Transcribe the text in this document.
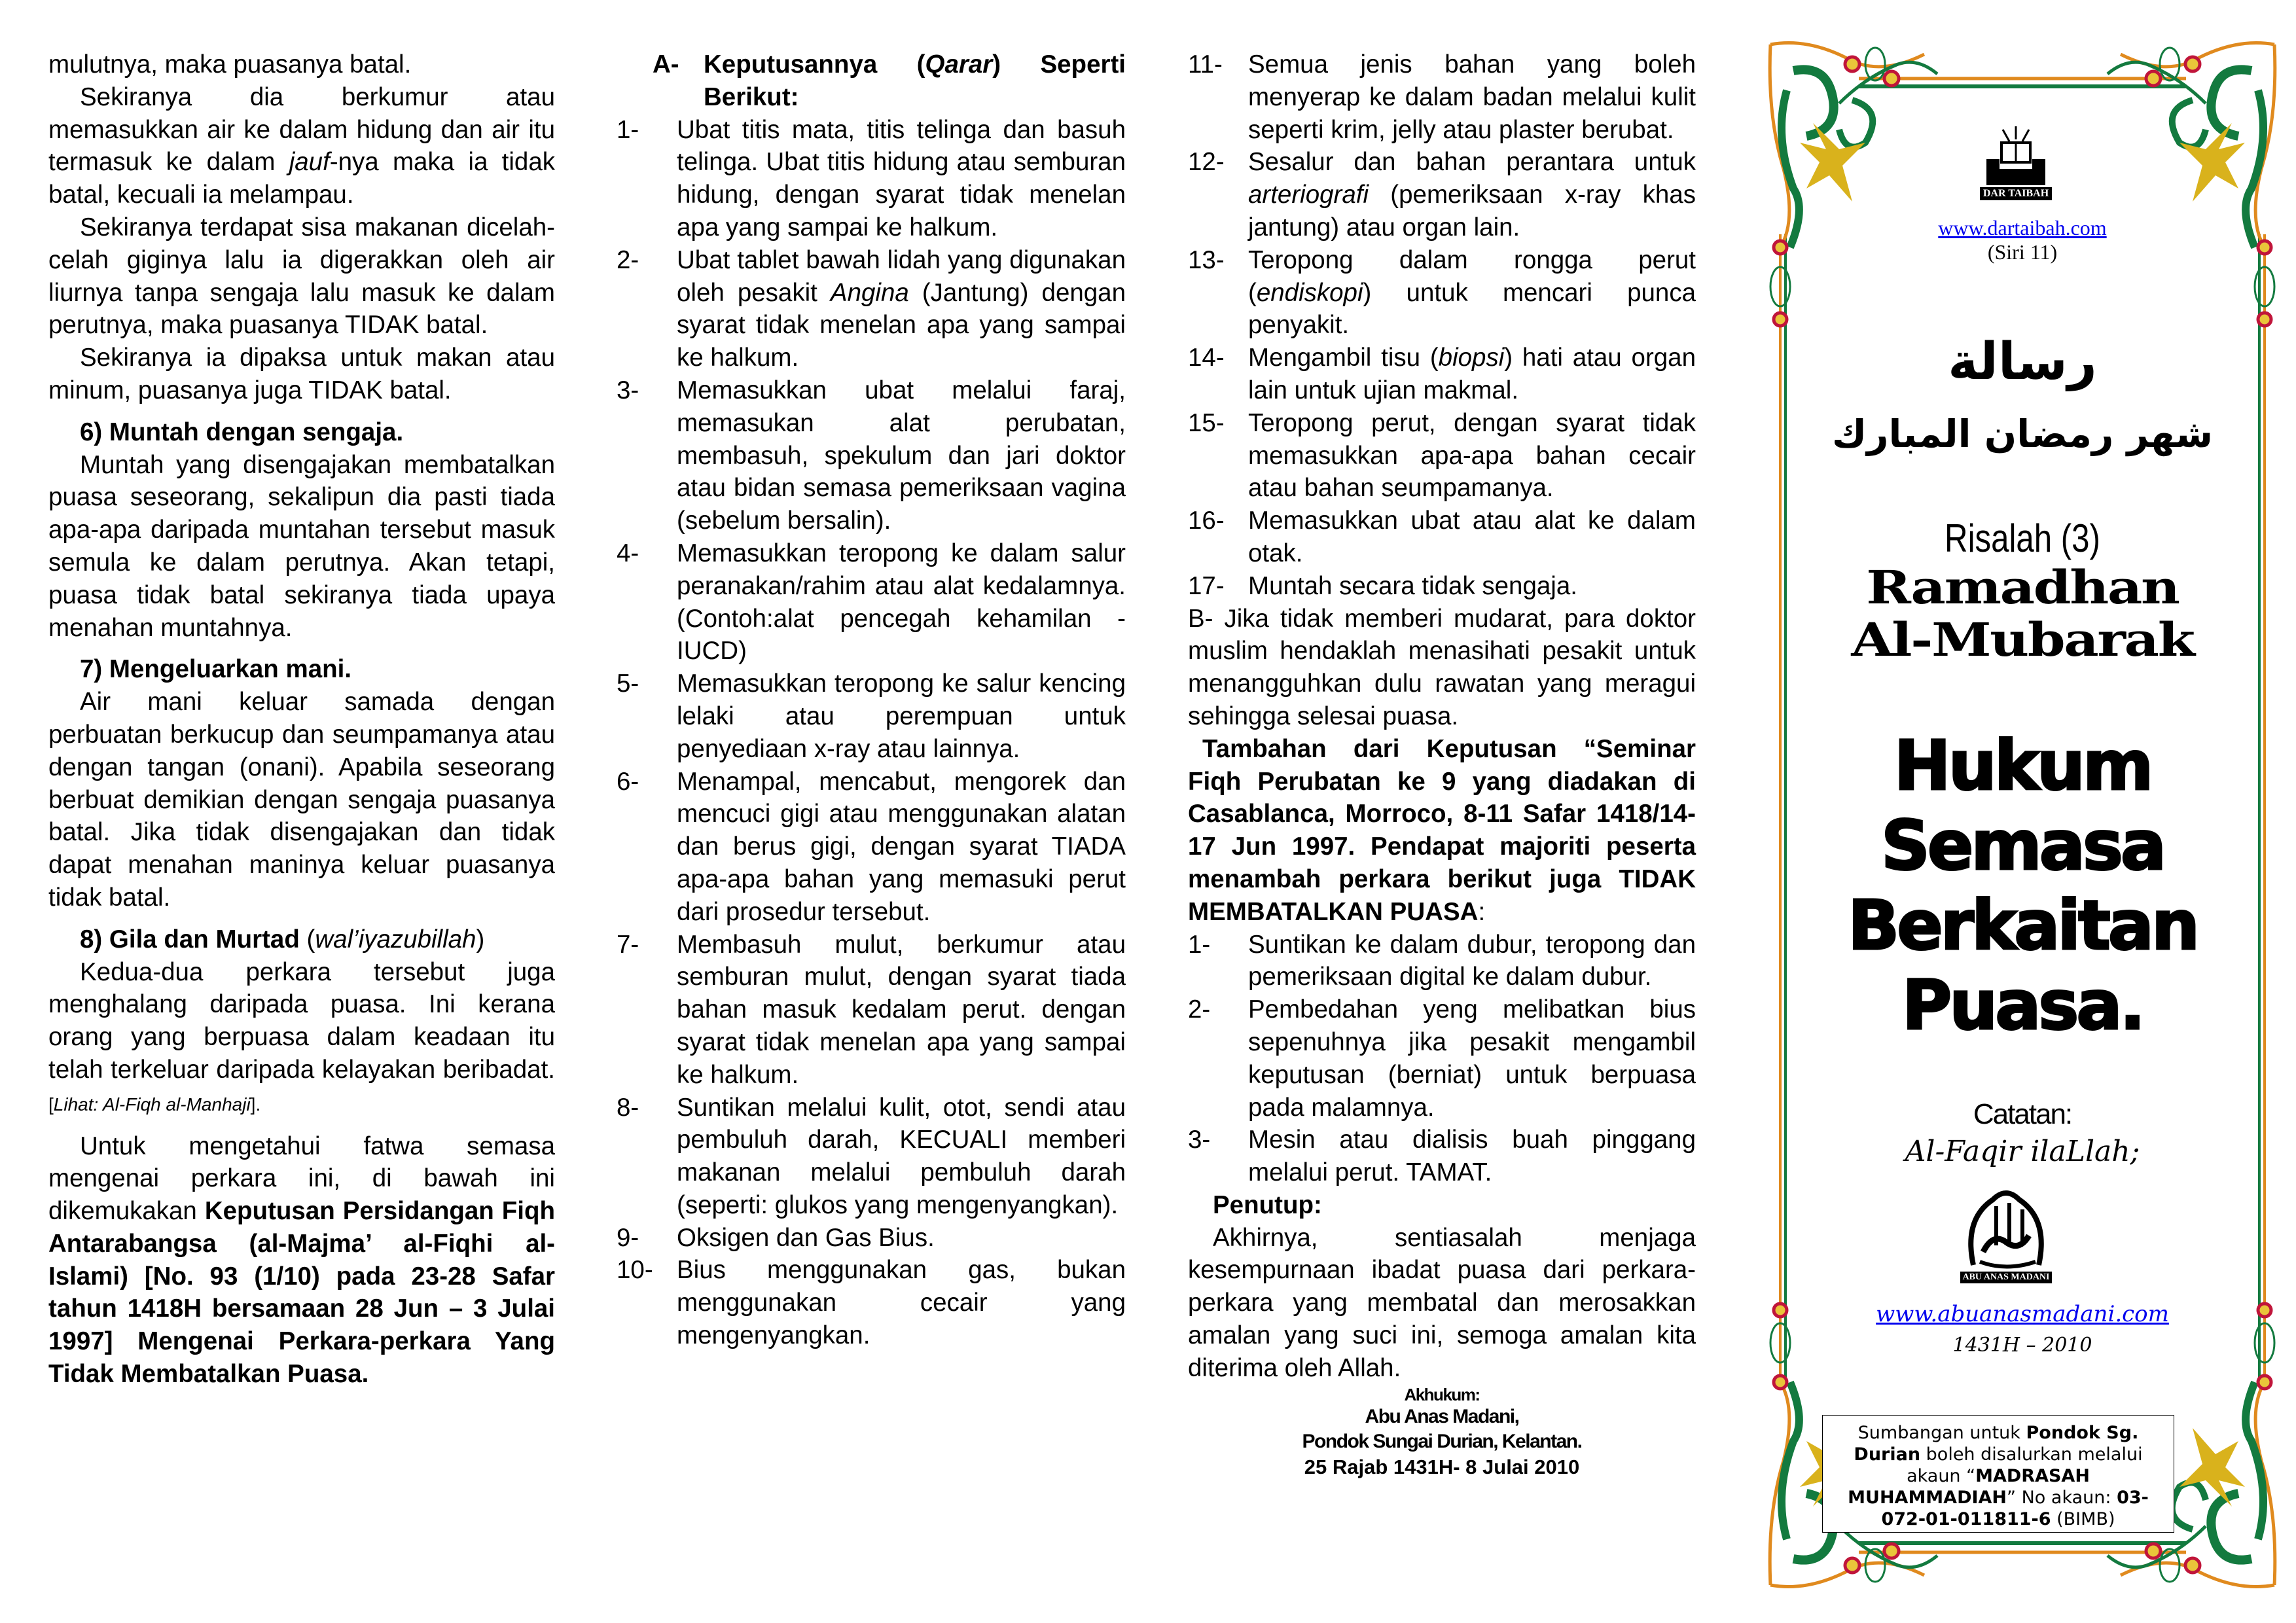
mulutnya, maka puasanya batal.

Sekiranya dia berkumur atau memasukkan air ke dalam hidung dan air itu termasuk ke dalam jauf-nya maka ia tidak batal, kecuali ia melampau.

Sekiranya terdapat sisa makanan dicelah-celah giginya lalu ia digerakkan oleh air liurnya tanpa sengaja lalu masuk ke dalam perutnya, maka puasanya TIDAK batal.

Sekiranya ia dipaksa untuk makan atau minum, puasanya juga TIDAK batal.

6) Muntah dengan sengaja.

Muntah yang disengajakan membatalkan puasa seseorang, sekalipun dia pasti tiada apa-apa daripada muntahan tersebut masuk semula ke dalam perutnya. Akan tetapi, puasa tidak batal sekiranya tiada upaya menahan muntahnya.

7) Mengeluarkan mani.

Air mani keluar samada dengan perbuatan berkucup dan seumpamanya atau dengan tangan (onani). Apabila seseorang berbuat demikian dengan sengaja puasanya batal. Jika tidak disengajakan dan tidak dapat menahan maninya keluar puasanya tidak batal.

8) Gila dan Murtad (wal’iyazubillah)

Kedua-dua perkara tersebut juga menghalang daripada puasa. Ini kerana orang yang berpuasa dalam keadaan itu telah terkeluar daripada kelayakan beribadat. [Lihat: Al-Fiqh al-Manhaji].

Untuk mengetahui fatwa semasa mengenai perkara ini, di bawah ini dikemukakan Keputusan Persidangan Fiqh Antarabangsa (al-Majma’ al-Fiqhi al-Islami) [No. 93 (1/10) pada 23-28 Safar tahun 1418H bersamaan 28 Jun – 3 Julai 1997] Mengenai Perkara-perkara Yang Tidak Membatalkan Puasa.

A- Keputusannya (Qarar) Seperti Berikut:
1-	Ubat titis mata, titis telinga dan basuh telinga. Ubat titis hidung atau semburan hidung, dengan syarat tidak menelan apa yang sampai ke halkum.
2-	Ubat tablet bawah lidah yang digunakan oleh pesakit Angina (Jantung) dengan syarat tidak menelan apa yang sampai ke halkum.
3-	Memasukkan ubat melalui faraj, memasukan alat perubatan, membasuh, spekulum dan jari doktor atau bidan semasa pemeriksaan vagina (sebelum bersalin).
4-	Memasukkan teropong ke dalam salur peranakan/rahim atau alat kedalamnya.(Contoh:alat pencegah kehamilan - IUCD)
5-	Memasukkan teropong ke salur kencing lelaki atau perempuan untuk penyediaan x-ray atau lainnya.
6-	Menampal, mencabut, mengorek dan mencuci gigi atau menggunakan alatan dan berus gigi, dengan syarat TIADA apa-apa bahan yang memasuki perut dari prosedur tersebut.
7-	Membasuh mulut, berkumur atau semburan mulut, dengan syarat tiada bahan masuk kedalam perut. dengan syarat tidak menelan apa yang sampai ke halkum.
8-	Suntikan melalui kulit, otot, sendi atau pembuluh darah, KECUALI memberi makanan melalui pembuluh darah (seperti: glukos yang mengenyangkan).
9-	Oksigen dan Gas Bius.
10- Bius menggunakan gas, bukan menggunakan cecair yang mengenyangkan.
11-	Semua jenis bahan yang boleh menyerap ke dalam badan melalui kulit seperti krim, jelly atau plaster berubat.
12- Sesalur dan bahan perantara untuk arteriografi (pemeriksaan x-ray khas jantung) atau organ lain.
13- Teropong dalam rongga perut (endiskopi) untuk mencari punca penyakit.
14- Mengambil tisu (biopsi) hati atau organ lain untuk ujian makmal.
15- Teropong perut, dengan syarat tidak memasukkan apa-apa bahan cecair atau bahan seumpamanya.
16- Memasukkan ubat atau alat ke dalam otak.
17- Muntah secara tidak sengaja.

B- Jika tidak memberi mudarat, para doktor muslim hendaklah menasihati pesakit untuk menangguhkan dulu rawatan yang meragui sehingga selesai puasa.

Tambahan dari Keputusan “Seminar Fiqh Perubatan ke 9 yang diadakan di Casablanca, Morroco, 8-11 Safar 1418/14-17 Jun 1997. Pendapat majoriti peserta menambah perkara berikut juga TIDAK MEMBATALKAN PUASA:

1-	Suntikan ke dalam dubur, teropong dan pemeriksaan digital ke dalam dubur.
2-	Pembedahan yeng melibatkan bius sepenuhnya jika pesakit mengambil keputusan (berniat) untuk berpuasa pada malamnya.
3-	Mesin atau dialisis buah pinggang melalui perut. TAMAT.

Penutup:

Akhirnya, sentiasalah menjaga kesempurnaan ibadat puasa dari perkara-perkara yang membatal dan merosakkan amalan yang suci ini, semoga amalan kita diterima oleh Allah.

Akhukum:
Abu Anas Madani,
Pondok Sungai Durian, Kelantan.
25 Rajab 1431H- 8 Julai 2010
DAR TAIBAH
www.dartaibah.com
(Siri 11)
رسالة
شهر رمضان المبارك
Risalah (3)
Ramadhan
Al-Mubarak
Hukum
Semasa
Berkaitan
Puasa.
Catatan:
Al-Faqir ilaLlah;
ABU ANAS MADANI
www.abuanasmadani.com
1431H – 2010
Sumbangan untuk Pondok Sg. Durian boleh disalurkan melalui akaun “MADRASAH MUHAMMADIAH” No akaun: 03-072-01-011811-6 (BIMB)
